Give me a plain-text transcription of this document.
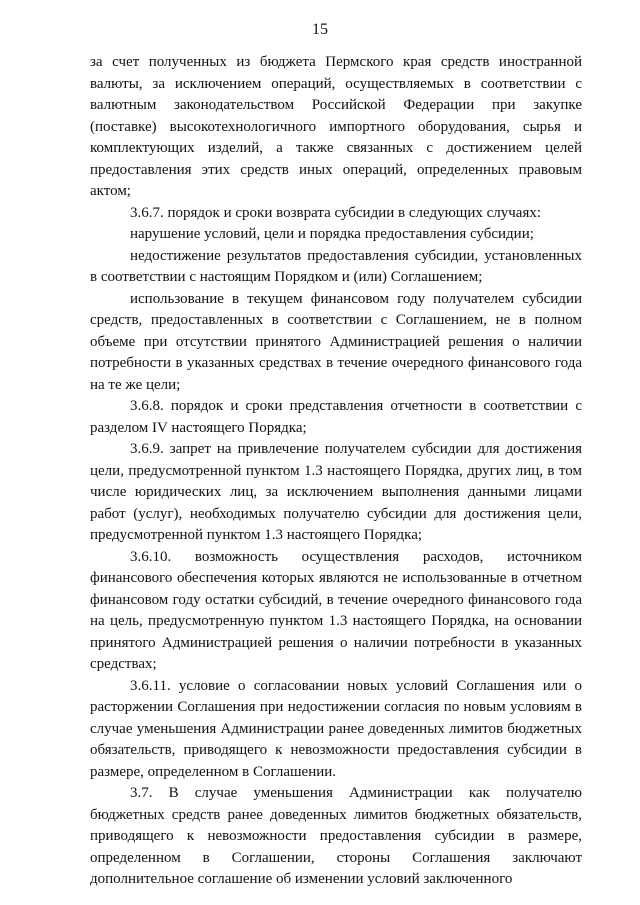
15

за счет полученных из бюджета Пермского края средств иностранной валюты, за исключением операций, осуществляемых в соответствии с валютным законодательством Российской Федерации при закупке (поставке) высокотехнологичного импортного оборудования, сырья и комплектующих изделий, а также связанных с достижением целей предоставления этих средств иных операций, определенных правовым актом;

3.6.7. порядок и сроки возврата субсидии в следующих случаях:

нарушение условий, цели и порядка предоставления субсидии;

недостижение результатов предоставления субсидии, установленных в соответствии с настоящим Порядком и (или) Соглашением;

использование в текущем финансовом году получателем субсидии средств, предоставленных в соответствии с Соглашением, не в полном объеме при отсутствии принятого Администрацией решения о наличии потребности в указанных средствах в течение очередного финансового года на те же цели;

3.6.8. порядок и сроки представления отчетности в соответствии с разделом IV настоящего Порядка;

3.6.9. запрет на привлечение получателем субсидии для достижения цели, предусмотренной пунктом 1.3 настоящего Порядка, других лиц, в том числе юридических лиц, за исключением выполнения данными лицами работ (услуг), необходимых получателю субсидии для достижения цели, предусмотренной пунктом 1.3 настоящего Порядка;

3.6.10. возможность осуществления расходов, источником финансового обеспечения которых являются не использованные в отчетном финансовом году остатки субсидий, в течение очередного финансового года на цель, предусмотренную пунктом 1.3 настоящего Порядка, на основании принятого Администрацией решения о наличии потребности в указанных средствах;

3.6.11. условие о согласовании новых условий Соглашения или о расторжении Соглашения при недостижении согласия по новым условиям в случае уменьшения Администрации ранее доведенных лимитов бюджетных обязательств, приводящего к невозможности предоставления субсидии в размере, определенном в Соглашении.

3.7. В случае уменьшения Администрации как получателю бюджетных средств ранее доведенных лимитов бюджетных обязательств, приводящего к невозможности предоставления субсидии в размере, определенном в Соглашении, стороны Соглашения заключают дополнительное соглашение об изменении условий заключенного
